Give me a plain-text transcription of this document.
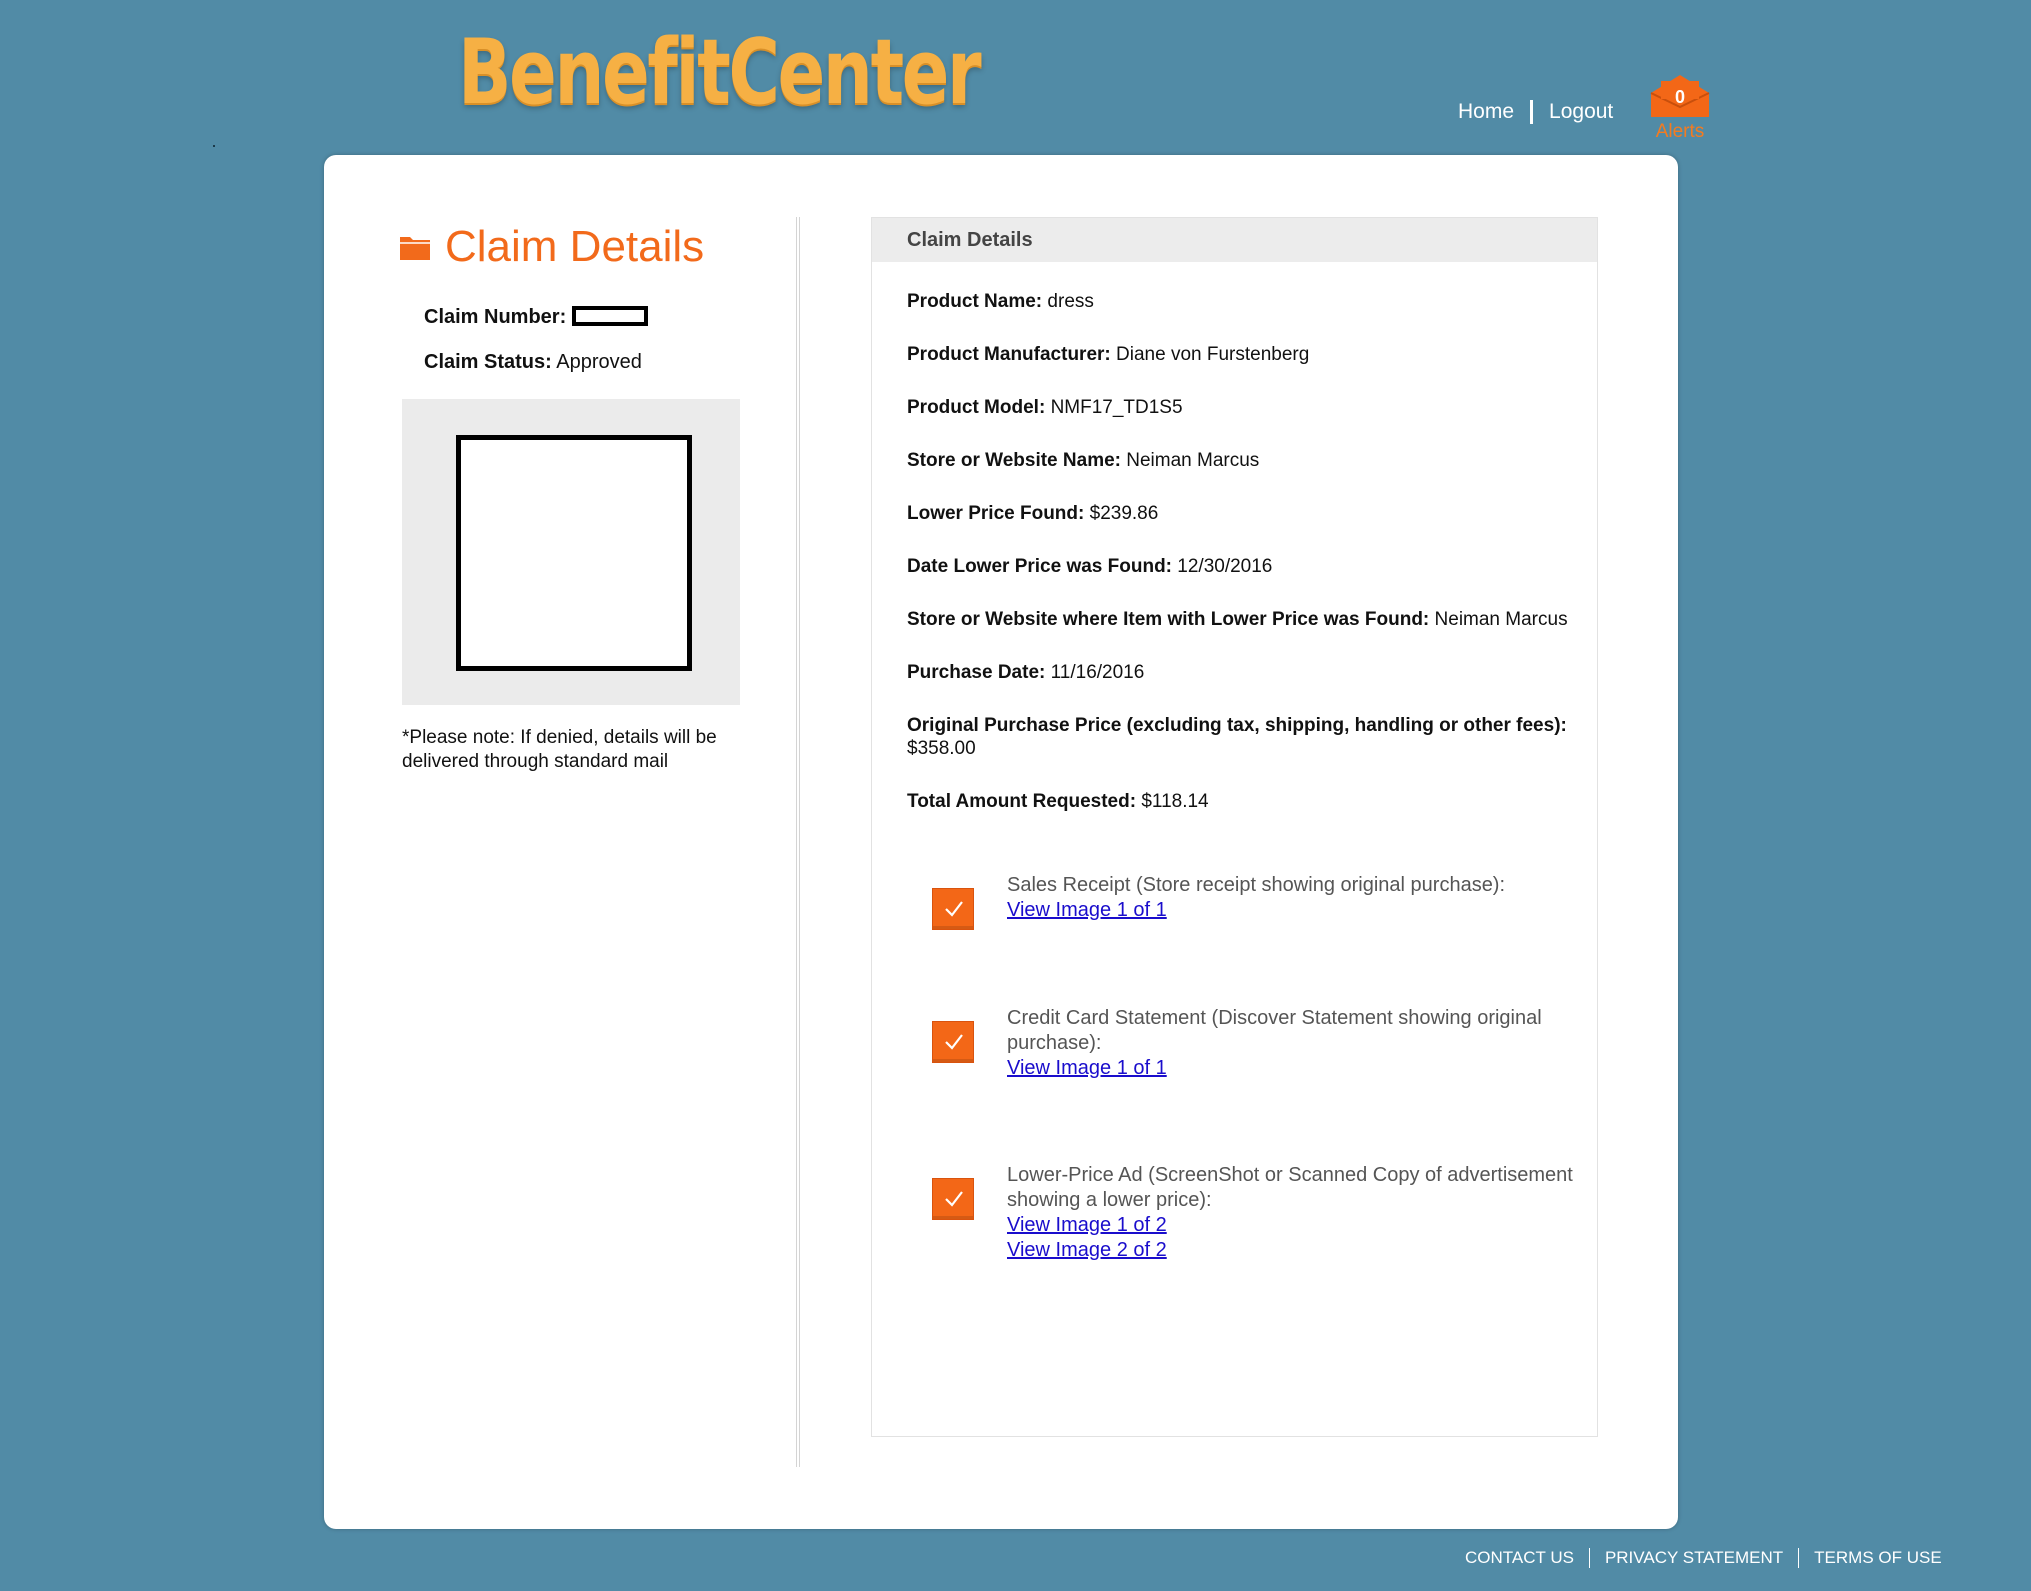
BenefitCenter	Home Logout
0
Alerts
Claim Details
Claim Number:
Claim Status: Approved
*Please note: If denied, details will be delivered through standard mail
Claim Details
Product Name: dress
Product Manufacturer: Diane von Furstenberg
Product Model: NMF17_TD1S5
Store or Website Name: Neiman Marcus
Lower Price Found: $239.86
Date Lower Price was Found: 12/30/2016
Store or Website where Item with Lower Price was Found: Neiman Marcus
Purchase Date: 11/16/2016
Original Purchase Price (excluding tax, shipping, handling or other fees):
$358.00
Total Amount Requested: $118.14
Sales Receipt (Store receipt showing original purchase):
View Image 1 of 1
Credit Card Statement (Discover Statement showing original purchase):
View Image 1 of 1
Lower-Price Ad (ScreenShot or Scanned Copy of advertisement showing a lower price):
View Image 1 of 2
View Image 2 of 2
CONTACT US PRIVACY STATEMENT TERMS OF USE
